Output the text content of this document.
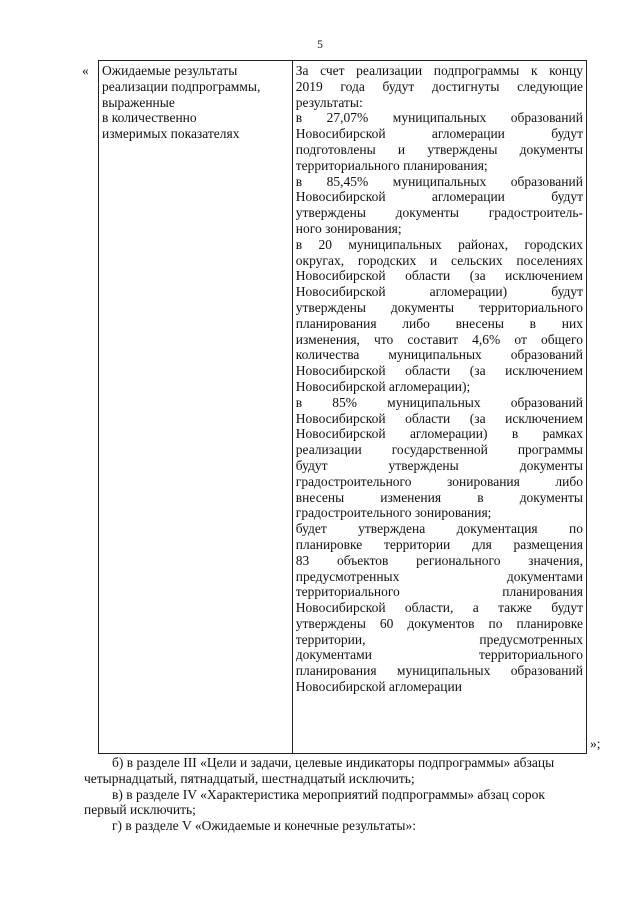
5
« Ожидаемые результаты
реализации подпрограммы,
выраженные
в количественно
измеримых показателях

За счет реализации подпрограммы к концу
2019 года будут достигнуты следующие
результаты:
в 27,07% муниципальных образований
Новосибирской	агломерации	будут
подготовлены и утверждены документы
территориального планирования;
в 85,45% муниципальных образований
Новосибирской	агломерации	будут
утверждены документы градостроитель-
ного зонирования;
в 20 муниципальных районах, городских
округах, городских и сельских поселениях
Новосибирской области (за исключением
Новосибирской	агломерации)	будут
утверждены документы территориального
планирования либо внесены в них
изменения, что составит 4,6% от общего
количества муниципальных образований
Новосибирской области (за исключением
Новосибирской агломерации);
в 85% муниципальных образований
Новосибирской области (за исключением
Новосибирской агломерации) в рамках
реализации государственной программы
будут	утверждены	документы
градостроительного	зонирования	либо
внесены	изменения	в	документы
градостроительного зонирования;
будет утверждена документация по
планировке территории для размещения
83 объектов регионального значения,
предусмотренных	документами
территориального	планирования
Новосибирской области, а также будут
утверждены 60 документов по планировке
территории,	предусмотренных
документами	территориального
планирования муниципальных образований
Новосибирской агломерации
»;
б) в разделе III «Цели и задачи, целевые индикаторы подпрограммы» абзацы
четырнадцатый, пятнадцатый, шестнадцатый исключить;
в) в разделе IV «Характеристика мероприятий подпрограммы» абзац сорок
первый исключить;
г) в разделе V «Ожидаемые и конечные результаты»:
